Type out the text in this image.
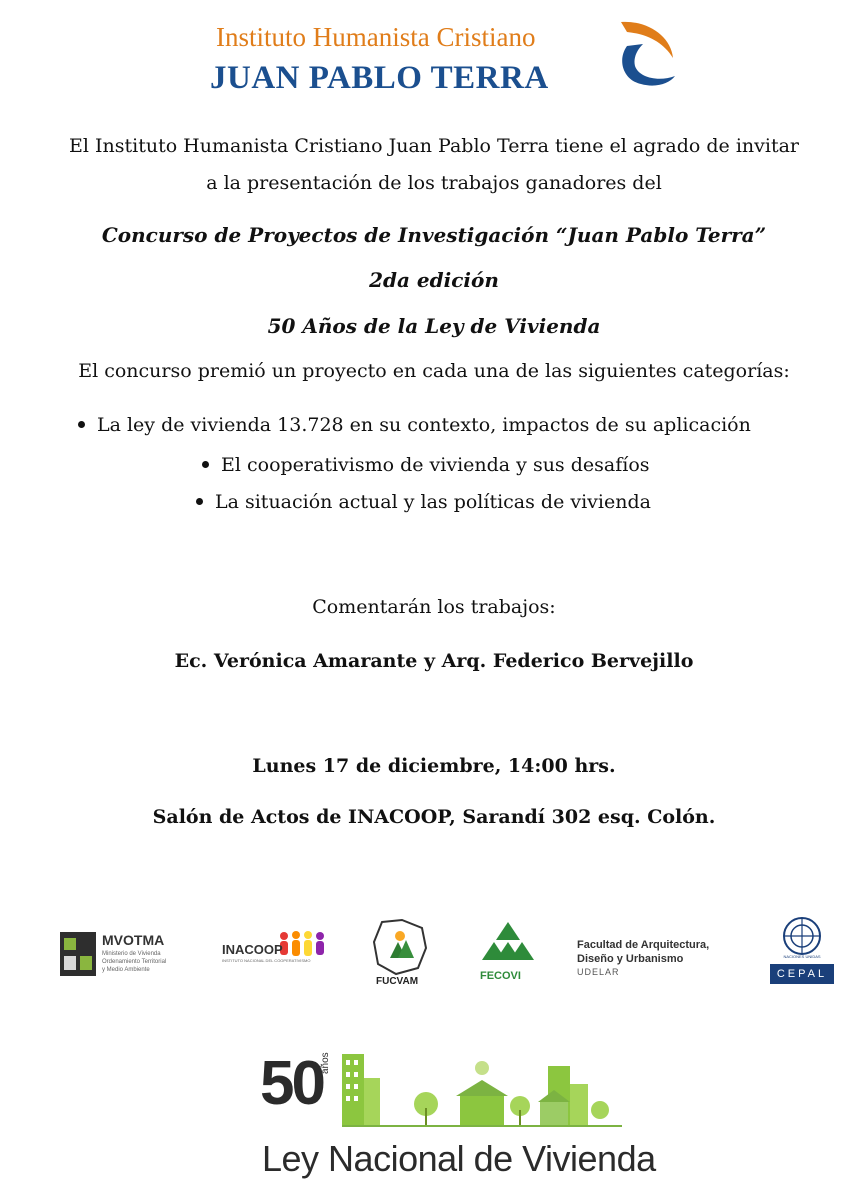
Instituto Humanista Cristiano
JUAN PABLO TERRA
El Instituto Humanista Cristiano Juan Pablo Terra tiene el agrado de invitar
a la presentación de los trabajos ganadores del
Concurso de Proyectos de Investigación “Juan Pablo Terra”
2da edición
50 Años de la Ley de Vivienda
El concurso premió un proyecto en cada una de las siguientes categorías:
La ley de vivienda 13.728 en su contexto, impactos de su aplicación
El cooperativismo de vivienda y sus desafíos
La situación actual y las políticas de vivienda
Comentarán los trabajos:
Ec. Verónica Amarante y Arq. Federico Bervejillo
Lunes 17 de diciembre, 14:00 hrs.
Salón de Actos de INACOOP, Sarandí 302 esq. Colón.
MVOTMA
Ministerio de Vivienda
Ordenamiento Territorial
y Medio Ambiente
INACOOP
INSTITUTO NACIONAL DEL COOPERATIVISMO
FUCVAM	FECOVI
Facultad de Arquitectura,
Diseño y Urbanismo
UDELAR
NACIONES UNIDAS
CEPAL
50
años
Ley Nacional de Vivienda
